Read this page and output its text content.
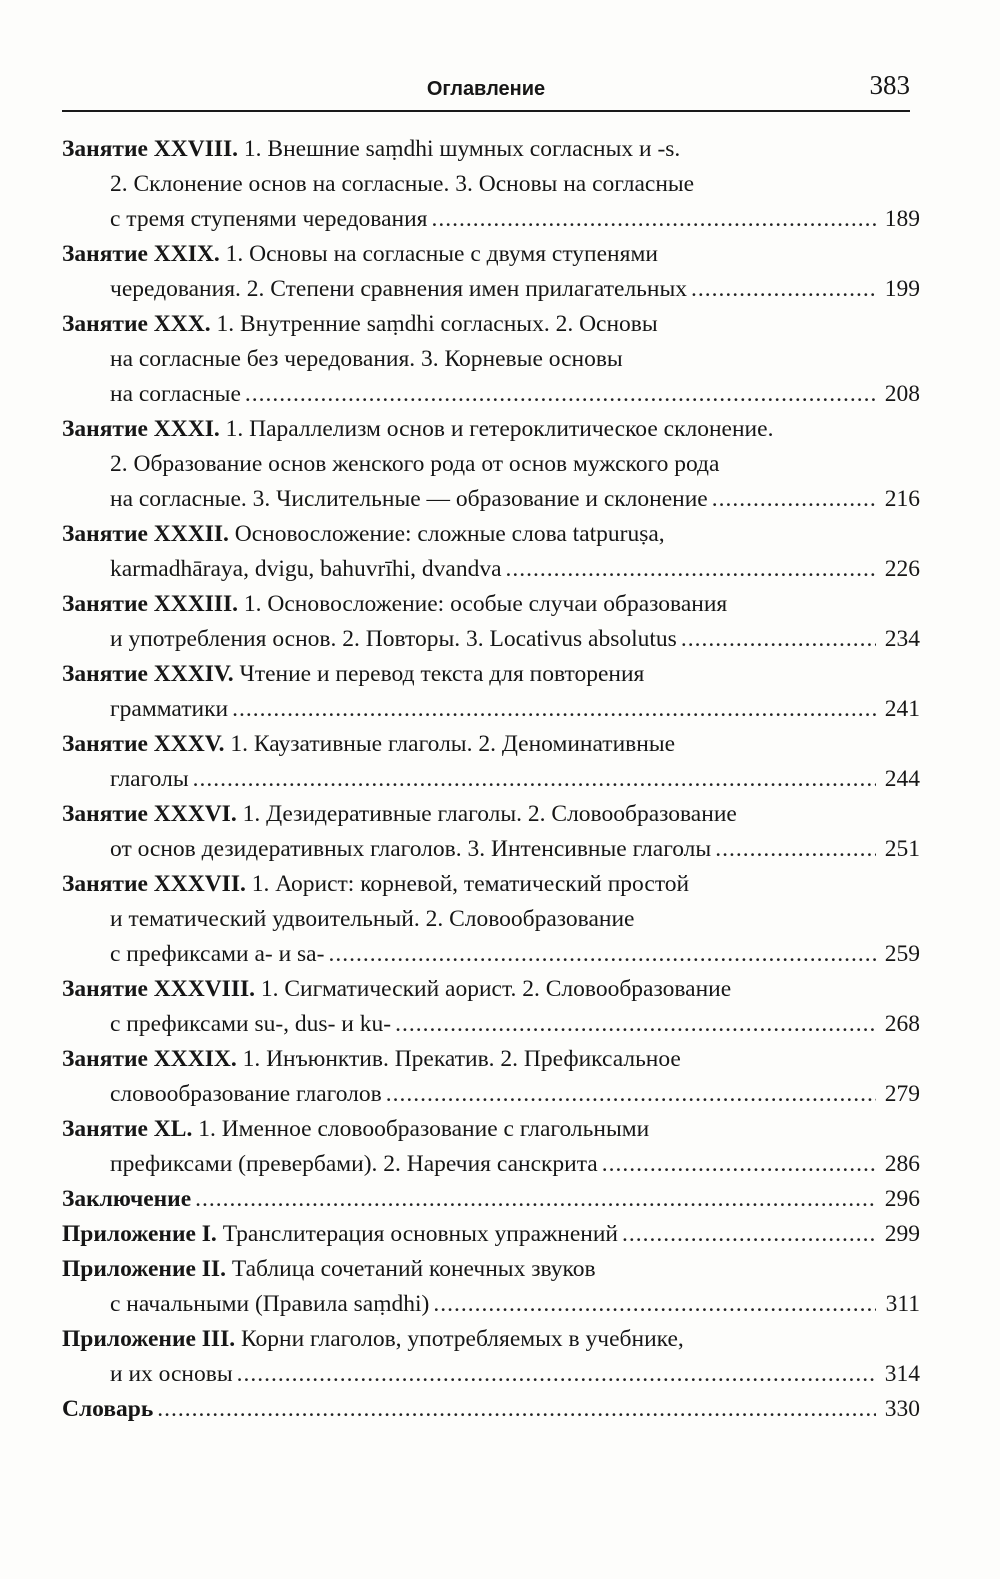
Оглавление	383
Занятие XXVIII. 1. Внешние saṃdhi шумных согласных и -s.
2. Склонение основ на согласные. 3. Основы на согласные
с тремя ступенями чередования .....	189
Занятие XXIX. 1. Основы на согласные с двумя ступенями
чередования. 2. Степени сравнения имен прилагательных .....	199
Занятие XXX. 1. Внутренние saṃdhi согласных. 2. Основы
на согласные без чередования. 3. Корневые основы
на согласные .....	208
Занятие XXXI. 1. Параллелизм основ и гетероклитическое склонение.
2. Образование основ женского рода от основ мужского рода
на согласные. 3. Числительные — образование и склонение .....	216
Занятие XXXII. Основосложение: сложные слова tatpuruṣa,
karmadhāraya, dvigu, bahuvrīhi, dvandva .....	226
Занятие XXXIII. 1. Основосложение: особые случаи образования
и употребления основ. 2. Повторы. 3. Locativus absolutus .....	234
Занятие XXXIV. Чтение и перевод текста для повторения
грамматики .....	241
Занятие XXXV. 1. Каузативные глаголы. 2. Деноминативные
глаголы .....	244
Занятие XXXVI. 1. Дезидеративные глаголы. 2. Словообразование
от основ дезидеративных глаголов. 3. Интенсивные глаголы .....	251
Занятие XXXVII. 1. Аорист: корневой, тематический простой
и тематический удвоительный. 2. Словообразование
с префиксами a- и sa- .....	259
Занятие XXXVIII. 1. Сигматический аорист. 2. Словообразование
с префиксами su-, dus- и ku- .....	268
Занятие XXXIX. 1. Инъюнктив. Прекатив. 2. Префиксальное
словообразование глаголов .....	279
Занятие XL. 1. Именное словообразование с глагольными
префиксами (превербами). 2. Наречия санскрита .....	286
Заключение .....	296
Приложение I. Транслитерация основных упражнений .....	299
Приложение II. Таблица сочетаний конечных звуков
с начальными (Правила saṃdhi) .....	311
Приложение III. Корни глаголов, употребляемых в учебнике,
и их основы .....	314
Словарь .....	330
